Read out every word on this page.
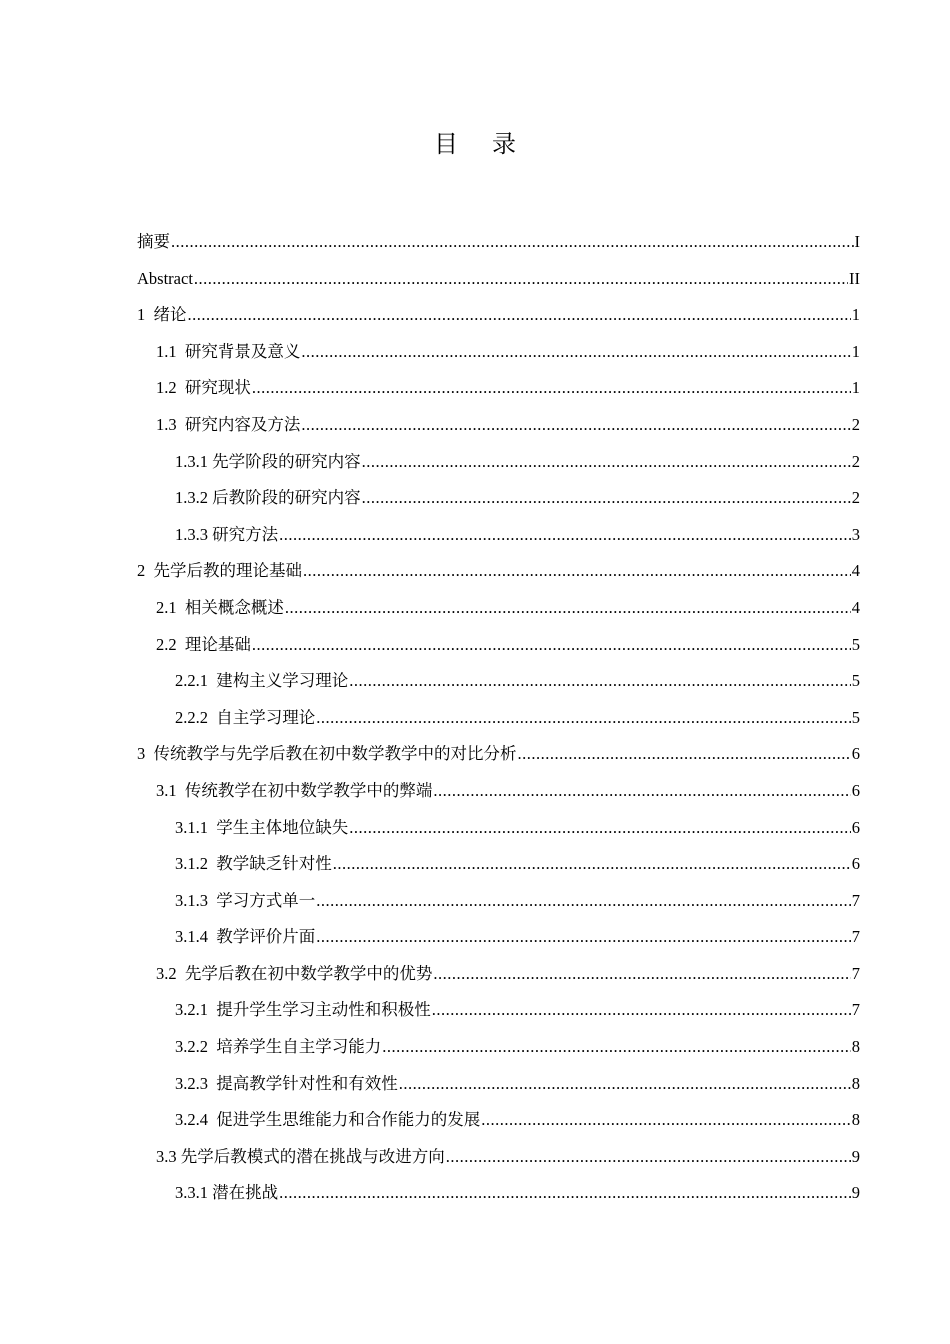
目 录
摘要 .....	I
Abstract .....	II
1  绪论 .....	1
1.1  研究背景及意义 .....	1
1.2  研究现状 .....	1
1.3  研究内容及方法 .....	2
1.3.1 先学阶段的研究内容 .....	2
1.3.2 后教阶段的研究内容 .....	2
1.3.3 研究方法 .....	3
2  先学后教的理论基础 .....	4
2.1  相关概念概述 .....	4
2.2  理论基础 .....	5
2.2.1  建构主义学习理论 .....	5
2.2.2  自主学习理论 .....	5
3  传统教学与先学后教在初中数学教学中的对比分析 .....	6
3.1  传统教学在初中数学教学中的弊端 .....	6
3.1.1  学生主体地位缺失 .....	6
3.1.2  教学缺乏针对性 .....	6
3.1.3  学习方式单一 .....	7
3.1.4  教学评价片面 .....	7
3.2  先学后教在初中数学教学中的优势 .....	7
3.2.1  提升学生学习主动性和积极性 .....	7
3.2.2  培养学生自主学习能力 .....	8
3.2.3  提高教学针对性和有效性 .....	8
3.2.4  促进学生思维能力和合作能力的发展 .....	8
3.3 先学后教模式的潜在挑战与改进方向 .....	9
3.3.1 潜在挑战 .....	9
